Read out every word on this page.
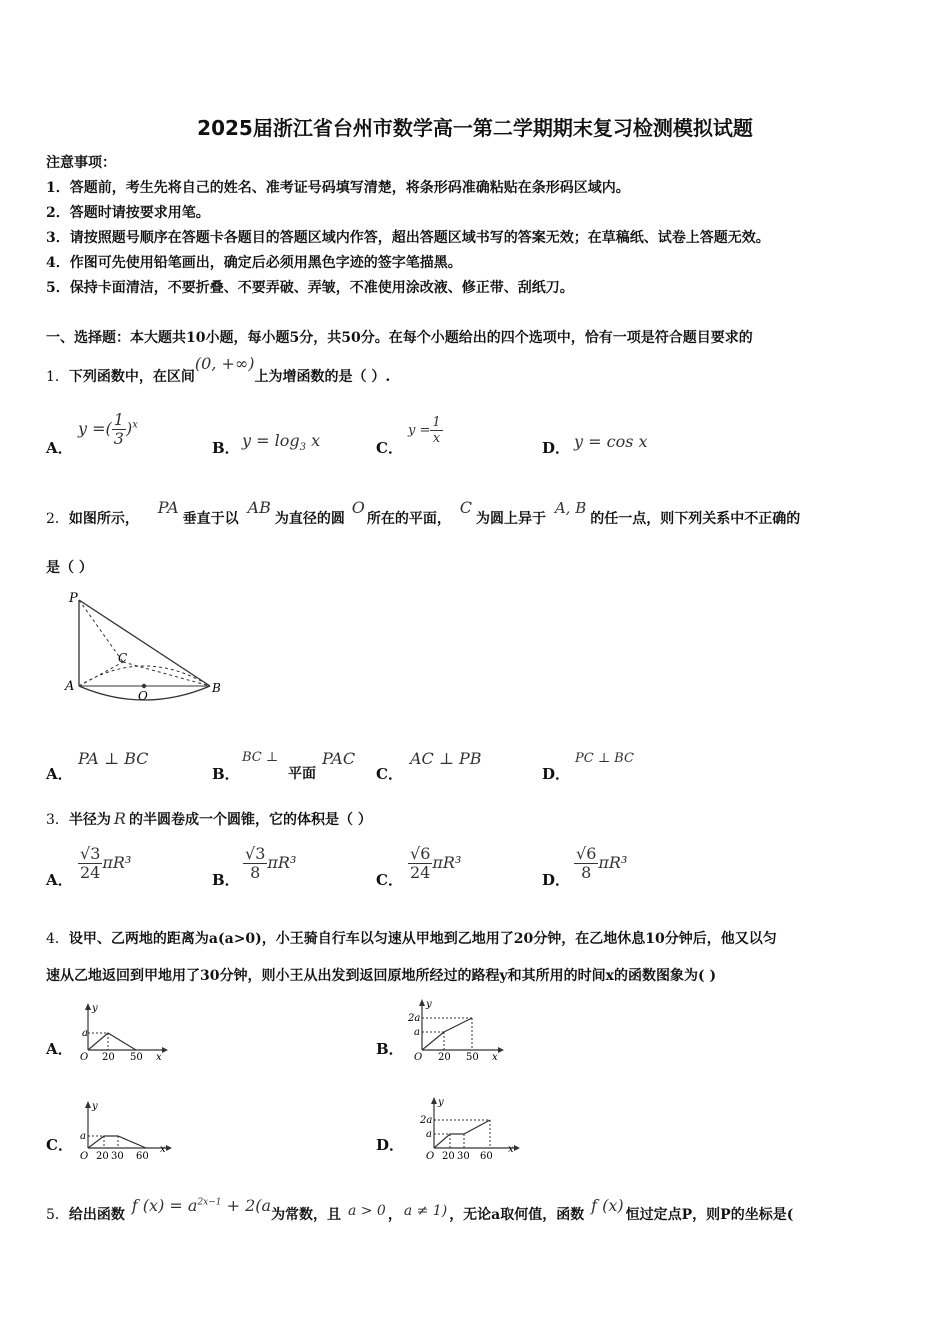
2025届浙江省台州市数学高一第二学期期末复习检测模拟试题
注意事项：
1．答题前，考生先将自己的姓名、准考证号码填写清楚，将条形码准确粘贴在条形码区域内。
2．答题时请按要求用笔。
3．请按照题号顺序在答题卡各题目的答题区域内作答，超出答题区域书写的答案无效；在草稿纸、试卷上答题无效。
4．作图可先使用铅笔画出，确定后必须用黑色字迹的签字笔描黑。
5．保持卡面清洁，不要折叠、不要弄破、弄皱，不准使用涂改液、修正带、刮纸刀。
一、选择题：本大题共10小题，每小题5分，共50分。在每个小题给出的四个选项中，恰有一项是符合题目要求的
1．下列函数中，在区间(0, +∞)上为增函数的是（ ）.
A．
y =( $\frac{1}{3} )^x$
B． $y = \log_3 x$	C．
$y = \frac{1}{x}$
D． y = cos x
2．如图所示， PA垂直于以 AB为直径的圆 O所在的平面， C为圆上异于 A, B的任一点，则下列关系中不正确的
是（ ）
P
C
A
O
B
A．
PA ⊥ BC
B．
BC ⊥
平面
PAC
C．
AC ⊥ PB
D．
PC ⊥ BC
3．半径为 R 的半圆卷成一个圆锥，它的体积是（ ）
A． $\frac{√3}{24} \pi R^3$
B． $\frac{√3}{8} \pi R^3$
C． $\frac{√6}{24} \pi R^3$
D． $\frac{√6}{8} \pi R^3$
4．设甲、乙两地的距离为a(a>0)，小王骑自行车以匀速从甲地到乙地用了20分钟，在乙地休息10分钟后，他又以匀
速从乙地返回到甲地用了30分钟，则小王从出发到返回原地所经过的路程y和其所用的时间x的函数图象为( )
A．
a
y
O 20 50 x	B．
2a
a
y
O 20 50 x
C． a
y
O 20 30 60
x	D．
2a
a
y
O 20 30 60
x
5．给出函数 f $(x) = a^{2x-1} + 2(a$为常数，且 a > 0 ， a ≠ 1) ，无论a取何值，函数 f (x) 恒过定点P，则P的坐标是(
